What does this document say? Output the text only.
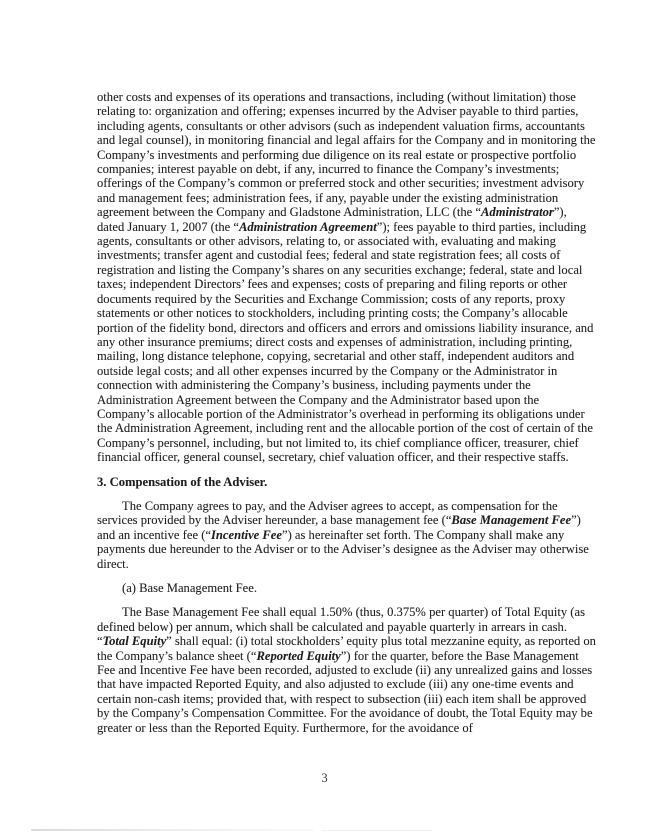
other costs and expenses of its operations and transactions, including (without limitation) those relating to: organization and offering; expenses incurred by the Adviser payable to third parties, including agents, consultants or other advisors (such as independent valuation firms, accountants and legal counsel), in monitoring financial and legal affairs for the Company and in monitoring the Company’s investments and performing due diligence on its real estate or prospective portfolio companies; interest payable on debt, if any, incurred to finance the Company’s investments; offerings of the Company’s common or preferred stock and other securities; investment advisory and management fees; administration fees, if any, payable under the existing administration agreement between the Company and Gladstone Administration, LLC (the “Administrator”), dated January 1, 2007 (the “Administration Agreement”); fees payable to third parties, including agents, consultants or other advisors, relating to, or associated with, evaluating and making investments; transfer agent and custodial fees; federal and state registration fees; all costs of registration and listing the Company’s shares on any securities exchange; federal, state and local taxes; independent Directors’ fees and expenses; costs of preparing and filing reports or other documents required by the Securities and Exchange Commission; costs of any reports, proxy statements or other notices to stockholders, including printing costs; the Company’s allocable portion of the fidelity bond, directors and officers and errors and omissions liability insurance, and any other insurance premiums; direct costs and expenses of administration, including printing, mailing, long distance telephone, copying, secretarial and other staff, independent auditors and outside legal costs; and all other expenses incurred by the Company or the Administrator in connection with administering the Company’s business, including payments under the Administration Agreement between the Company and the Administrator based upon the Company’s allocable portion of the Administrator’s overhead in performing its obligations under the Administration Agreement, including rent and the allocable portion of the cost of certain of the Company’s personnel, including, but not limited to, its chief compliance officer, treasurer, chief financial officer, general counsel, secretary, chief valuation officer, and their respective staffs.

3. Compensation of the Adviser.

The Company agrees to pay, and the Adviser agrees to accept, as compensation for the services provided by the Adviser hereunder, a base management fee (“Base Management Fee”) and an incentive fee (“Incentive Fee”) as hereinafter set forth. The Company shall make any payments due hereunder to the Adviser or to the Adviser’s designee as the Adviser may otherwise direct.

(a) Base Management Fee.

The Base Management Fee shall equal 1.50% (thus, 0.375% per quarter) of Total Equity (as defined below) per annum, which shall be calculated and payable quarterly in arrears in cash. “Total Equity” shall equal: (i) total stockholders’ equity plus total mezzanine equity, as reported on the Company’s balance sheet (“Reported Equity”) for the quarter, before the Base Management Fee and Incentive Fee have been recorded, adjusted to exclude (ii) any unrealized gains and losses that have impacted Reported Equity, and also adjusted to exclude (iii) any one-time events and certain non-cash items; provided that, with respect to subsection (iii) each item shall be approved by the Company’s Compensation Committee. For the avoidance of doubt, the Total Equity may be greater or less than the Reported Equity. Furthermore, for the avoidance of

3
